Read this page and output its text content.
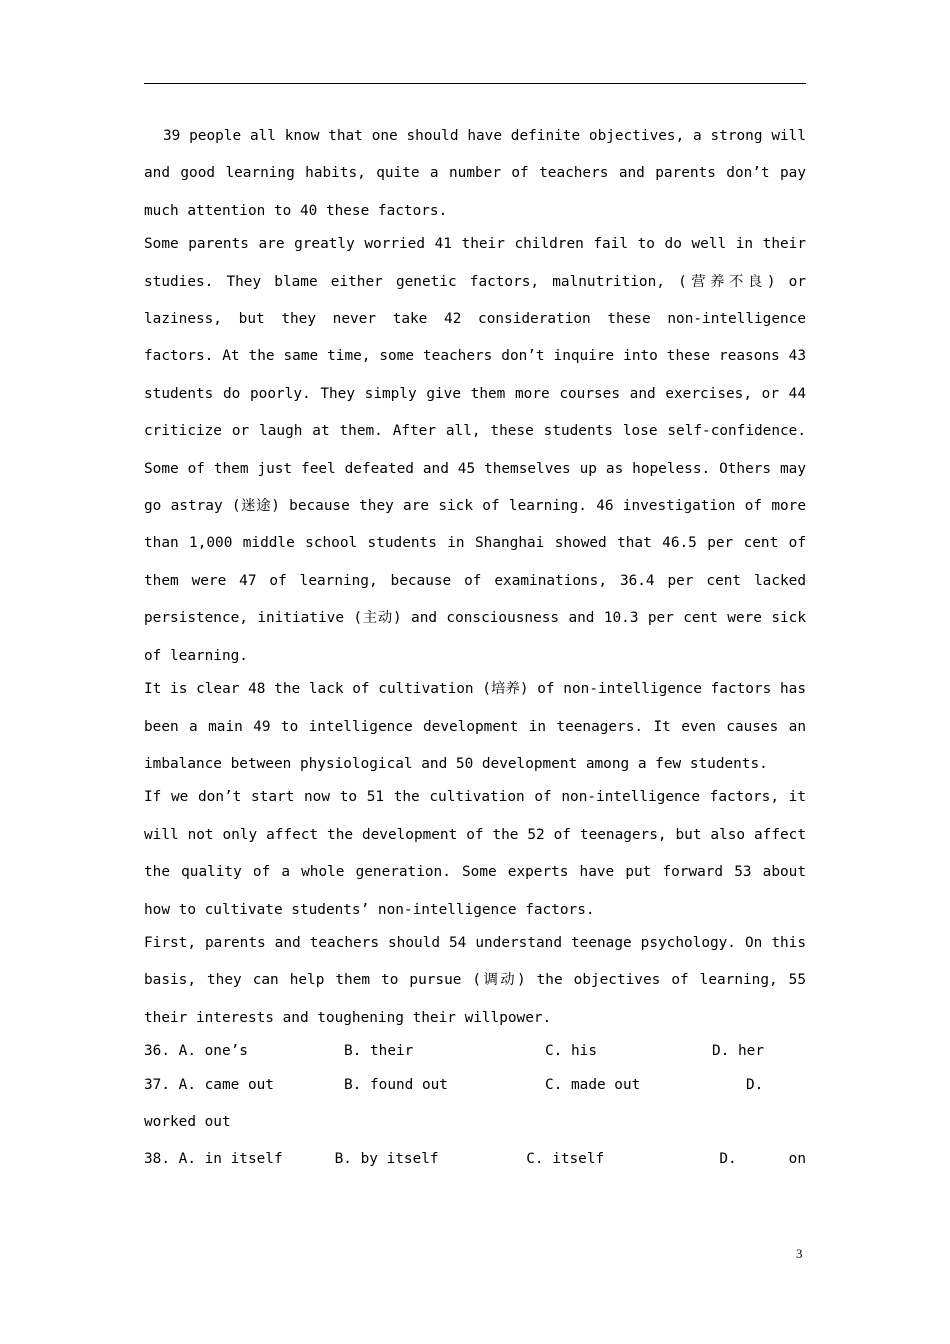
39 people all know that one should have definite objectives, a strong will and good learning habits, quite a number of teachers and parents don’t pay much attention to 40 these factors.

Some parents are greatly worried 41 their children fail to do well in their studies. They blame either genetic factors, malnutrition, (营养不良) or laziness, but they never take 42 consideration these non-intelligence factors. At the same time, some teachers don’t inquire into these reasons 43 students do poorly. They simply give them more courses and exercises, or 44 criticize or laugh at them. After all, these students lose self-confidence. Some of them just feel defeated and 45 themselves up as hopeless. Others may go astray (迷途) because they are sick of learning. 46 investigation of more than 1,000 middle school students in Shanghai showed that 46.5 per cent of them were 47 of learning, because of examinations, 36.4 per cent lacked persistence, initiative (主动) and consciousness and 10.3 per cent were sick of learning.

It is clear 48 the lack of cultivation (培养) of non-intelligence factors has been a main 49 to intelligence development in teenagers. It even causes an imbalance between physiological and 50 development among a few students.

If we don’t start now to 51 the cultivation of non-intelligence factors, it will not only affect the development of the 52 of teenagers, but also affect the quality of a whole generation. Some experts have put forward 53 about how to cultivate students’ non-intelligence factors.

First, parents and teachers should 54 understand teenage psychology. On this basis, they can help them to pursue (调动) the objectives of learning, 55 their interests and toughening their willpower.

36. A. one’s	B. their	C. his	D. her
37. A. came out	B. found out	C. made out	D.
worked out
38. A. in itself	B. by itself	C. itself	D.      on
3
